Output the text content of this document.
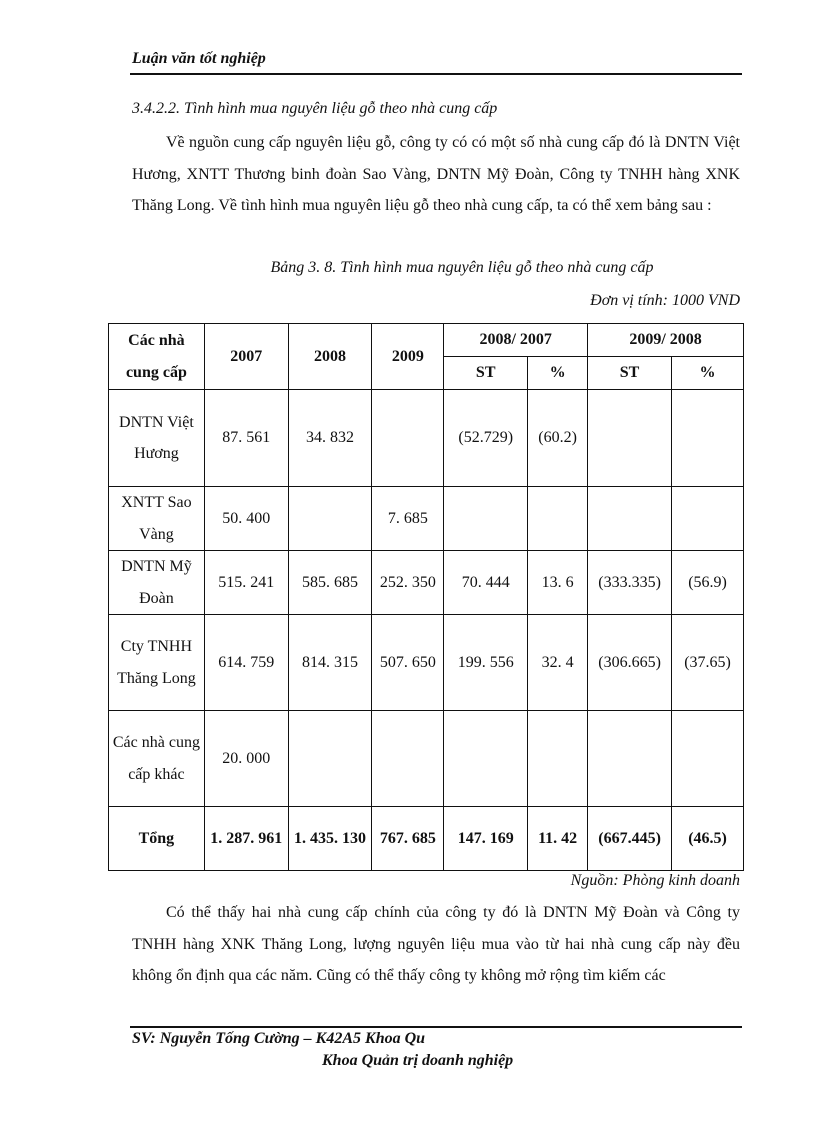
Luận văn tốt nghiệp
3.4.2.2. Tình hình mua nguyên liệu gỗ theo nhà cung cấp
Về nguồn cung cấp nguyên liệu gỗ, công ty có có một số nhà cung cấp đó là DNTN Việt Hương, XNTT Thương binh đoàn Sao Vàng, DNTN Mỹ Đoàn, Công ty TNHH hàng XNK Thăng Long. Về tình hình mua nguyên liệu gỗ theo nhà cung cấp, ta có thể xem bảng sau :
Bảng 3. 8. Tình hình mua nguyên liệu gỗ theo nhà cung cấp
Đơn vị tính: 1000 VND
Các nhà cung cấp	2007	2008	2009	2008/ 2007		2009/ 2008	
				ST	%	ST	%
DNTN Việt Hương	87. 561	34. 832		(52.729)	(60.2)		
XNTT Sao Vàng	50. 400		7. 685				
DNTN Mỹ Đoàn	515. 241	585. 685	252. 350	70. 444	13. 6	(333.335)	(56.9)
Cty TNHH Thăng Long	614. 759	814. 315	507. 650	199. 556	32. 4	(306.665)	(37.65)
Các nhà cung cấp khác	20. 000						
Tổng	1. 287. 961	1. 435. 130	767. 685	147. 169	11. 42	(667.445)	(46.5)
Nguồn: Phòng kinh doanh
Có thể thấy hai nhà cung cấp chính của công ty đó là DNTN Mỹ Đoàn và Công ty TNHH hàng XNK Thăng Long, lượng nguyên liệu mua vào từ hai nhà cung cấp này đều không ổn định qua các năm. Cũng có thể thấy công ty không mở rộng tìm kiếm các
SV: Nguyễn Tống Cường – K42A5 Khoa Qu
Khoa Quản trị doanh nghiệp
